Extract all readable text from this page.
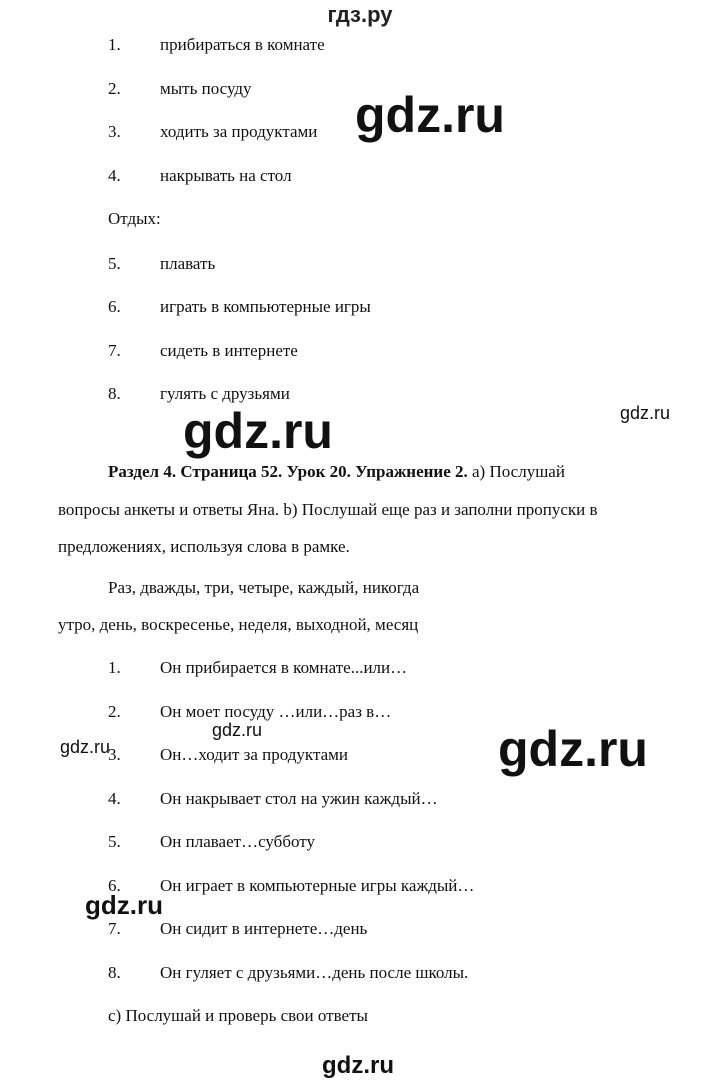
гдз.ру
1. прибираться в комнате
2. мыть посуду
3. ходить за продуктами
4. накрывать на стол
Отдых:
5. плавать
6. играть в компьютерные игры
7. сидеть в интернете
8. гулять с друзьями
Раздел 4. Страница 52. Урок 20. Упражнение 2. a) Послушай
вопросы анкеты и ответы Яна. b) Послушай еще раз и заполни пропуски в
предложениях, используя слова в рамке.
Раз, дважды, три, четыре, каждый, никогда
утро, день, воскресенье, неделя, выходной, месяц
1. Он прибирается в комнате...или…
2. Он моет посуду …или…раз в…
3. Он…ходит за продуктами
4. Он накрывает стол на ужин каждый…
5. Он плавает…субботу
6. Он играет в компьютерные игры каждый…
7. Он сидит в интернете…день
8. Он гуляет с друзьями…день после школы.
c) Послушай и проверь свои ответы
gdz.ru
gdz.ru	gdz.ru
gdz.ru
gdz.ru	gdz.ru
gdz.ru
gdz.ru
